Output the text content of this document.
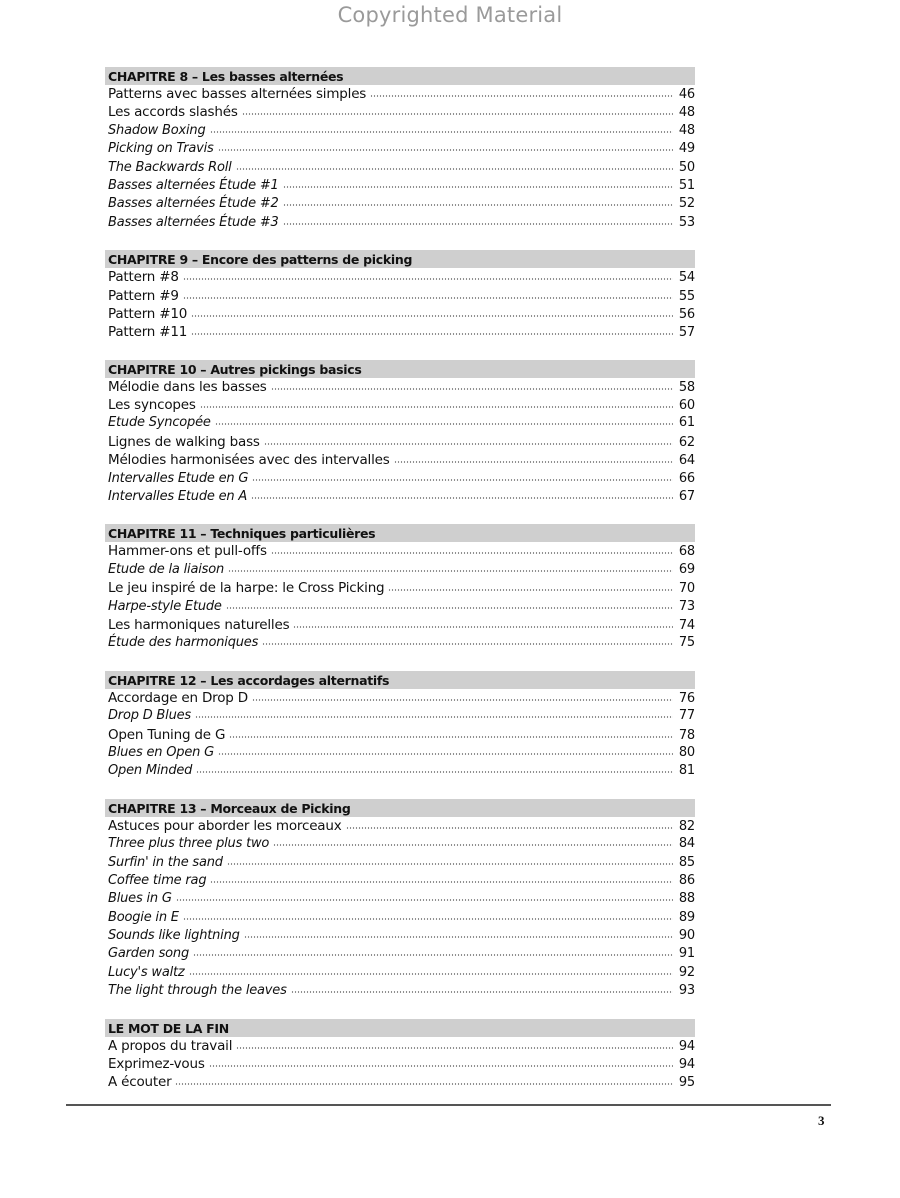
Copyrighted Material
CHAPITRE 8 – Les basses alternées
Patterns avec basses alternées simples	46
Les accords slashés	48
Shadow Boxing	48
Picking on Travis	49
The Backwards Roll	50
Basses alternées Étude #1	51
Basses alternées Étude #2	52
Basses alternées Étude #3	53
CHAPITRE 9 – Encore des patterns de picking
Pattern #8	54
Pattern #9	55
Pattern #10	56
Pattern #11	57
CHAPITRE 10 – Autres pickings basics
Mélodie dans les basses	58
Les syncopes	60
Etude Syncopée	61
Lignes de walking bass	62
Mélodies harmonisées avec des intervalles	64
Intervalles Etude en G	66
Intervalles Etude en A	67
CHAPITRE 11 – Techniques particulières
Hammer-ons et pull-offs	68
Etude de la liaison	69
Le jeu inspiré de la harpe: le Cross Picking	70
Harpe-style Etude	73
Les harmoniques naturelles	74
Étude des harmoniques	75
CHAPITRE 12 – Les accordages alternatifs
Accordage en Drop D	76
Drop D Blues	77
Open Tuning de G	78
Blues en Open G	80
Open Minded	81
CHAPITRE 13 – Morceaux de Picking
Astuces pour aborder les morceaux	82
Three plus three plus two	84
Surfin' in the sand	85
Coffee time rag	86
Blues in G	88
Boogie in E	89
Sounds like lightning	90
Garden song	91
Lucy's waltz	92
The light through the leaves	93
LE MOT DE LA FIN
A propos du travail	94
Exprimez-vous	94
A écouter	95
3
